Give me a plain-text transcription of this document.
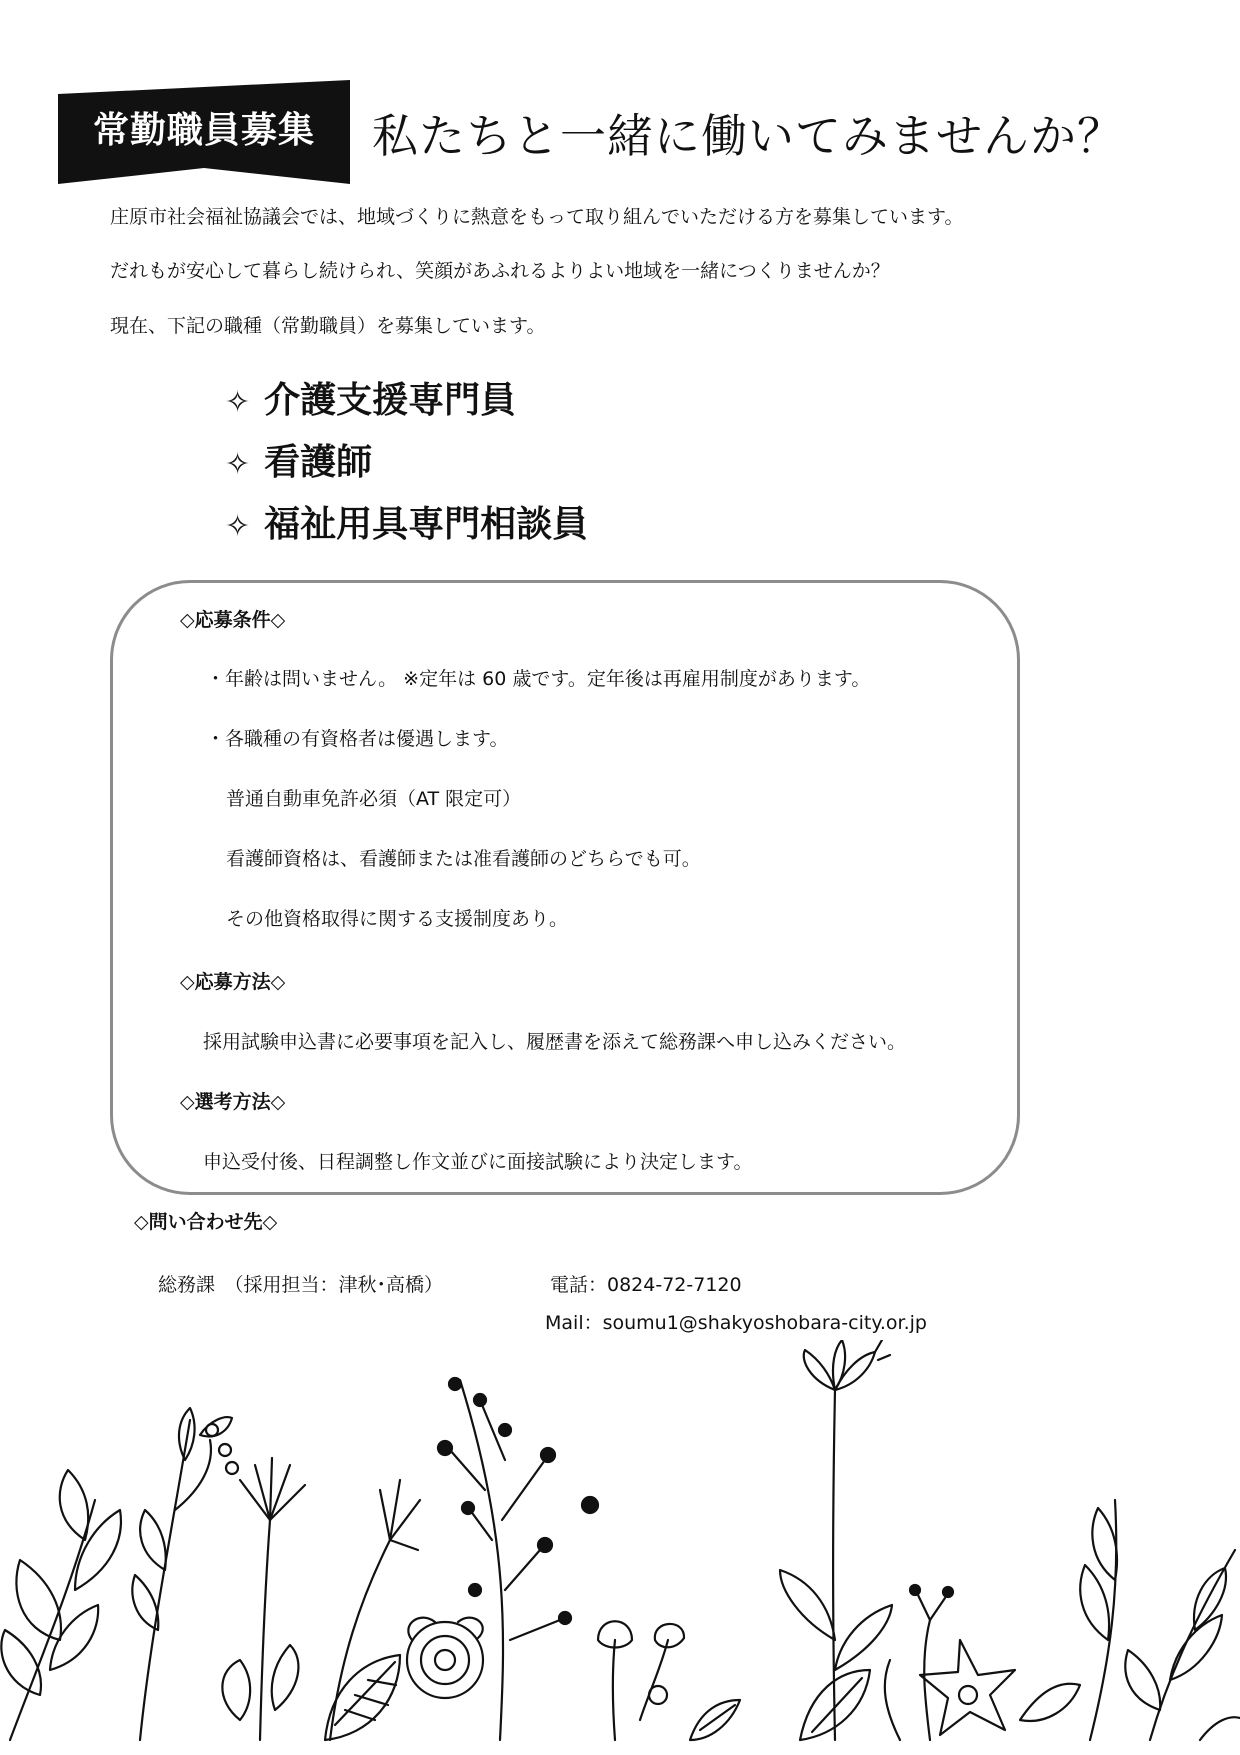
常勤職員募集	私たちと一緒に働いてみませんか？
庄原市社会福祉協議会では、地域づくりに熱意をもって取り組んでいただける方を募集しています。
だれもが安心して暮らし続けられ、笑顔があふれるよりよい地域を一緒につくりませんか？
現在、下記の職種（常勤職員）を募集しています。
✧ 介護支援専門員
✧ 看護師
✧ 福祉用具専門相談員
◇応募条件◇
・年齢は問いません。 ※定年は 60 歳です。定年後は再雇用制度があります。
・各職種の有資格者は優遇します。
普通自動車免許必須（AT 限定可）
看護師資格は、看護師または准看護師のどちらでも可。
その他資格取得に関する支援制度あり。
◇応募方法◇
採用試験申込書に必要事項を記入し、履歴書を添えて総務課へ申し込みください。
◇選考方法◇
申込受付後、日程調整し作文並びに面接試験により決定します。
◇問い合わせ先◇
総務課　（採用担当：津秋･高橋）	電話：0824-72-7120
Mail：soumu1@shakyoshobara-city.or.jp
